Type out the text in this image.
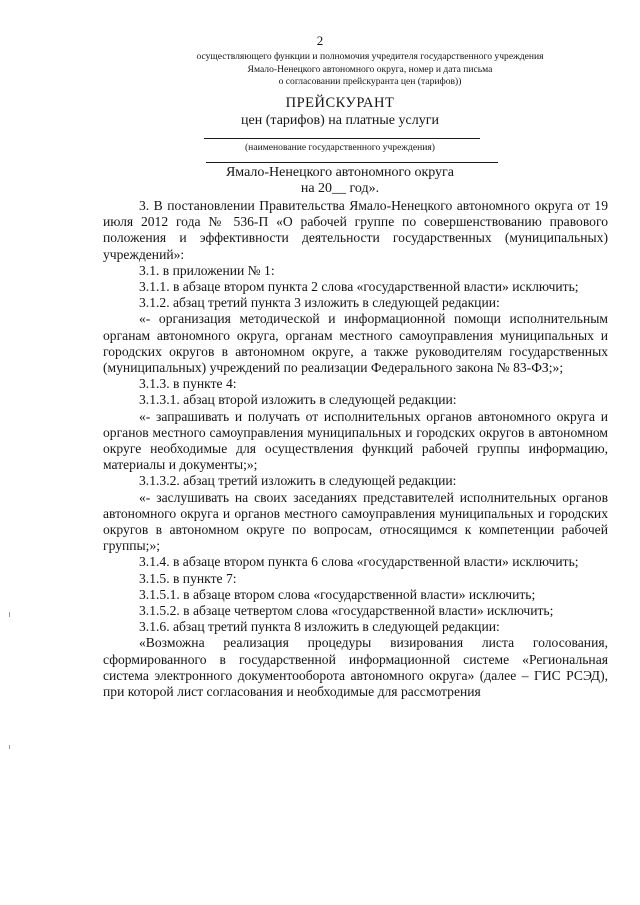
2
осуществляющего функции и полномочия учредителя государственного учреждения
Ямало-Ненецкого автономного округа, номер и дата письма
о согласовании прейскуранта цен (тарифов))
ПРЕЙСКУРАНТ
цен (тарифов) на платные услуги
(наименование государственного учреждения)
Ямало-Ненецкого автономного округа
на 20__ год».

3. В постановлении Правительства Ямало-Ненецкого автономного округа от 19 июля 2012 года № 536-П «О рабочей группе по совершенствованию правового положения и эффективности деятельности государственных (муниципальных) учреждений»:

3.1. в приложении № 1:

3.1.1. в абзаце втором пункта 2 слова «государственной власти» исключить;

3.1.2. абзац третий пункта 3 изложить в следующей редакции:

«- организация методической и информационной помощи исполнительным органам автономного округа, органам местного самоуправления муниципальных и городских округов в автономном округе, а также руководителям государственных (муниципальных) учреждений по реализации Федерального закона № 83-ФЗ;»;

3.1.3. в пункте 4:

3.1.3.1. абзац второй изложить в следующей редакции:

«- запрашивать и получать от исполнительных органов автономного округа и органов местного самоуправления муниципальных и городских округов в автономном округе необходимые для осуществления функций рабочей группы информацию, материалы и документы;»;

3.1.3.2. абзац третий изложить в следующей редакции:

«- заслушивать на своих заседаниях представителей исполнительных органов автономного округа и органов местного самоуправления муниципальных и городских округов в автономном округе по вопросам, относящимся к компетенции рабочей группы;»;

3.1.4. в абзаце втором пункта 6 слова «государственной власти» исключить;

3.1.5. в пункте 7:

3.1.5.1. в абзаце втором слова «государственной власти» исключить;

3.1.5.2. в абзаце четвертом слова «государственной власти» исключить;

3.1.6. абзац третий пункта 8 изложить в следующей редакции:

«Возможна реализация процедуры визирования листа голосования, сформированного в государственной информационной системе «Региональная система электронного документооборота автономного округа» (далее – ГИС РСЭД), при которой лист согласования и необходимые для рассмотрения
